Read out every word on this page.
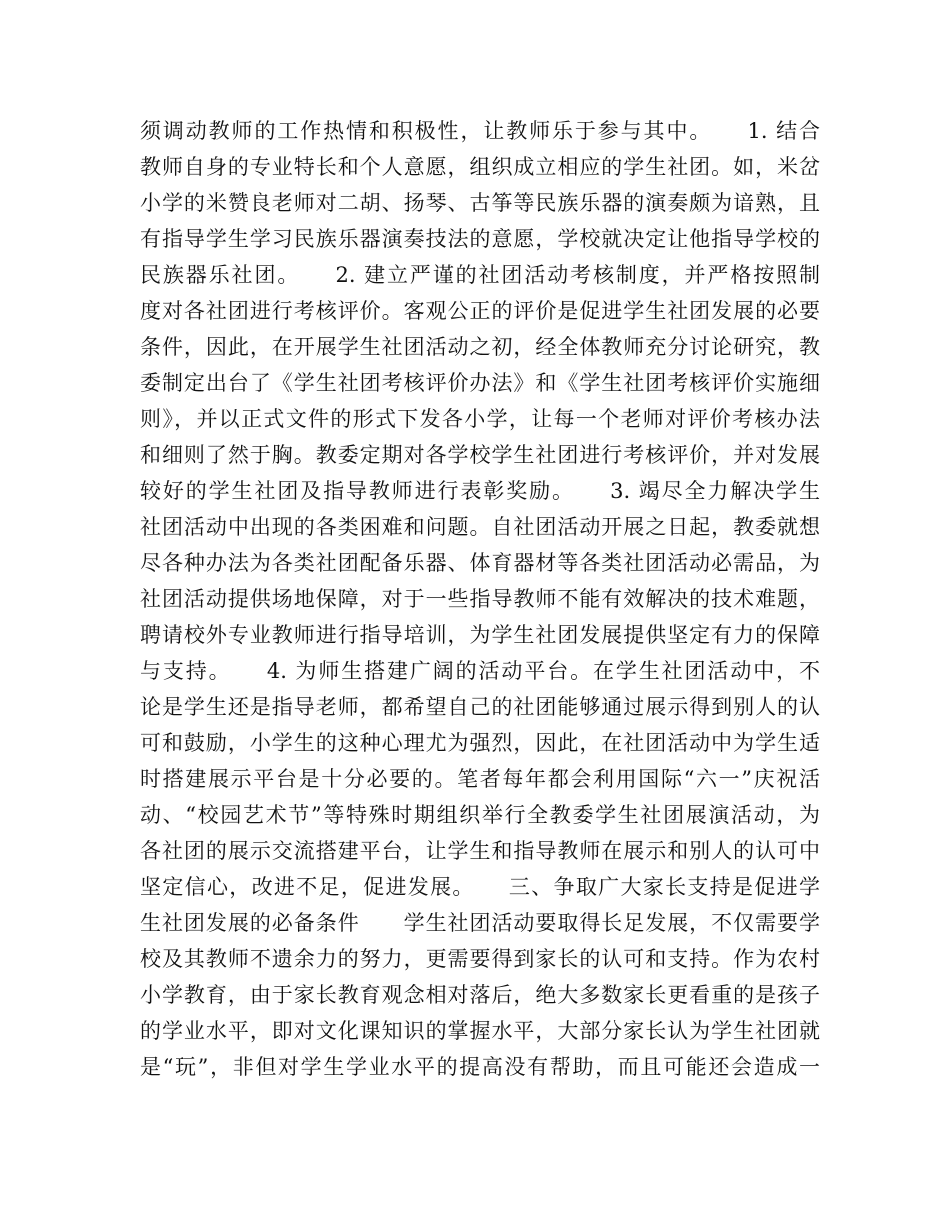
须调动教师的工作热情和积极性，让教师乐于参与其中。　　1. 结合
教师自身的专业特长和个人意愿，组织成立相应的学生社团。如，米岔
小学的米赞良老师对二胡、扬琴、古筝等民族乐器的演奏颇为谙熟，且
有指导学生学习民族乐器演奏技法的意愿，学校就决定让他指导学校的
民族器乐社团。　　2. 建立严谨的社团活动考核制度，并严格按照制
度对各社团进行考核评价。客观公正的评价是促进学生社团发展的必要
条件，因此，在开展学生社团活动之初，经全体教师充分讨论研究，教
委制定出台了《学生社团考核评价办法》和《学生社团考核评价实施细
则》，并以正式文件的形式下发各小学，让每一个老师对评价考核办法
和细则了然于胸。教委定期对各学校学生社团进行考核评价，并对发展
较好的学生社团及指导教师进行表彰奖励。　　3. 竭尽全力解决学生
社团活动中出现的各类困难和问题。自社团活动开展之日起，教委就想
尽各种办法为各类社团配备乐器、体育器材等各类社团活动必需品，为
社团活动提供场地保障，对于一些指导教师不能有效解决的技术难题，
聘请校外专业教师进行指导培训，为学生社团发展提供坚定有力的保障
与支持。　　4. 为师生搭建广阔的活动平台。在学生社团活动中，不
论是学生还是指导老师，都希望自己的社团能够通过展示得到别人的认
可和鼓励，小学生的这种心理尤为强烈，因此，在社团活动中为学生适
时搭建展示平台是十分必要的。笔者每年都会利用国际“六一”庆祝活
动、“校园艺术节”等特殊时期组织举行全教委学生社团展演活动，为
各社团的展示交流搭建平台，让学生和指导教师在展示和别人的认可中
坚定信心，改进不足，促进发展。　　三、争取广大家长支持是促进学
生社团发展的必备条件　　学生社团活动要取得长足发展，不仅需要学
校及其教师不遗余力的努力，更需要得到家长的认可和支持。作为农村
小学教育，由于家长教育观念相对落后，绝大多数家长更看重的是孩子
的学业水平，即对文化课知识的掌握水平，大部分家长认为学生社团就
是“玩”，非但对学生学业水平的提高没有帮助，而且可能还会造成一
